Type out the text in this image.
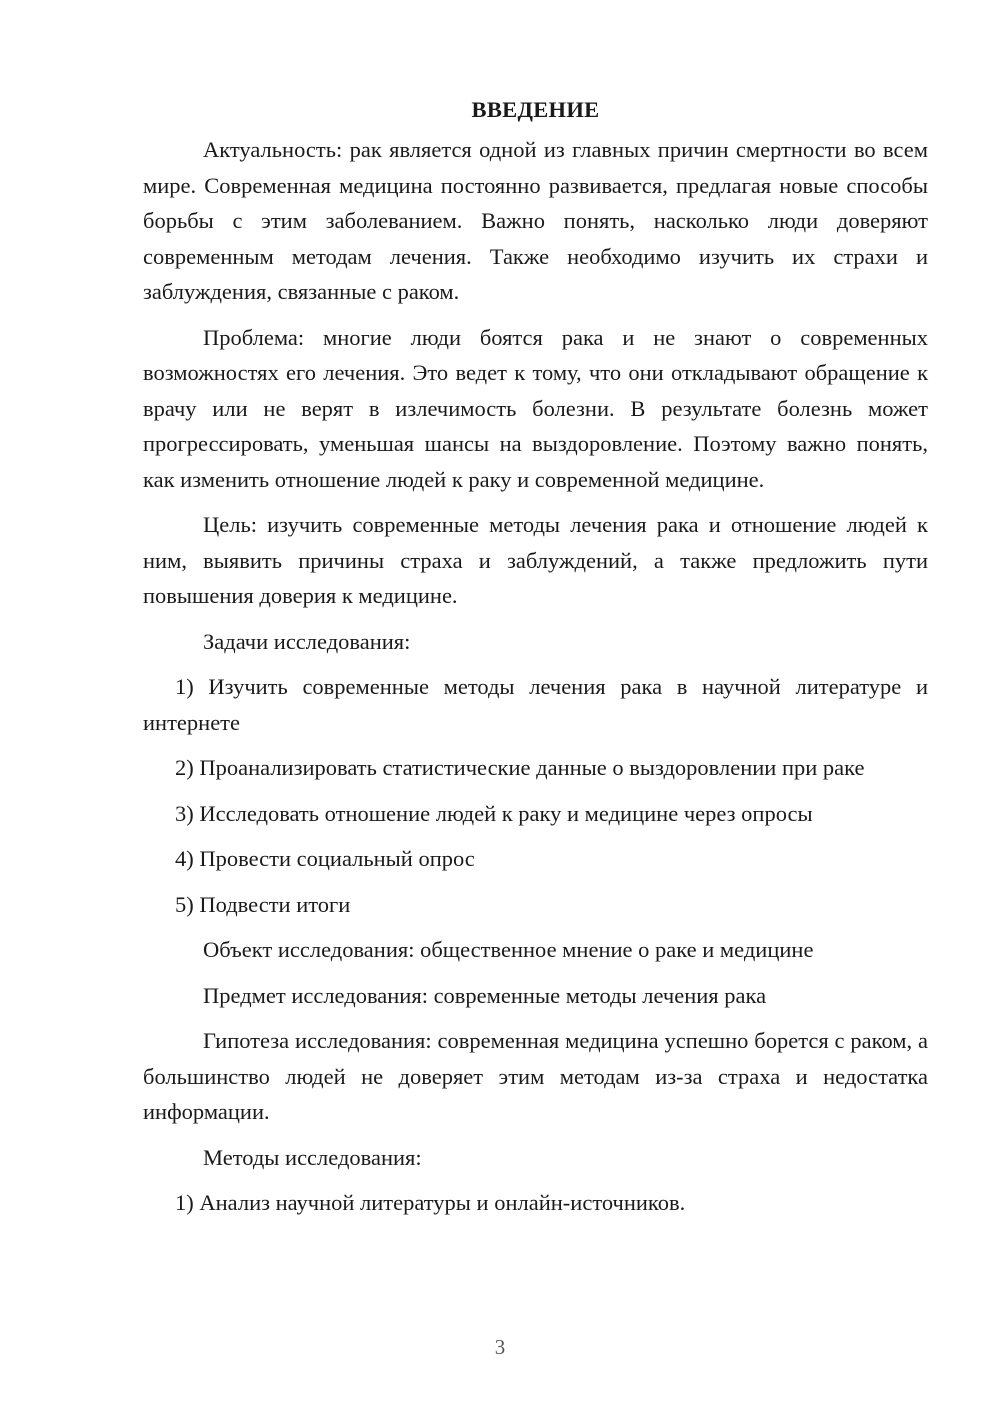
ВВЕДЕНИЕ

Актуальность: рак является одной из главных причин смертности во всем мире. Современная медицина постоянно развивается, предлагая новые способы борьбы с этим заболеванием. Важно понять, насколько люди доверяют современным методам лечения. Также необходимо изучить их страхи и заблуждения, связанные с раком.

Проблема: многие люди боятся рака и не знают о современных возможностях его лечения. Это ведет к тому, что они откладывают обращение к врачу или не верят в излечимость болезни. В результате болезнь может прогрессировать, уменьшая шансы на выздоровление. Поэтому важно понять, как изменить отношение людей к раку и современной медицине.

Цель: изучить современные методы лечения рака и отношение людей к ним, выявить причины страха и заблуждений, а также предложить пути повышения доверия к медицине.

Задачи исследования:

1) Изучить современные методы лечения рака в научной литературе и интернете

2) Проанализировать статистические данные о выздоровлении при раке

3) Исследовать отношение людей к раку и медицине через опросы

4) Провести социальный опрос

5) Подвести итоги

Объект исследования: общественное мнение о раке и медицине

Предмет исследования: современные методы лечения рака

Гипотеза исследования: современная медицина успешно борется с раком, а большинство людей не доверяет этим методам из-за страха и недостатка информации.

Методы исследования:

1) Анализ научной литературы и онлайн-источников.

3
